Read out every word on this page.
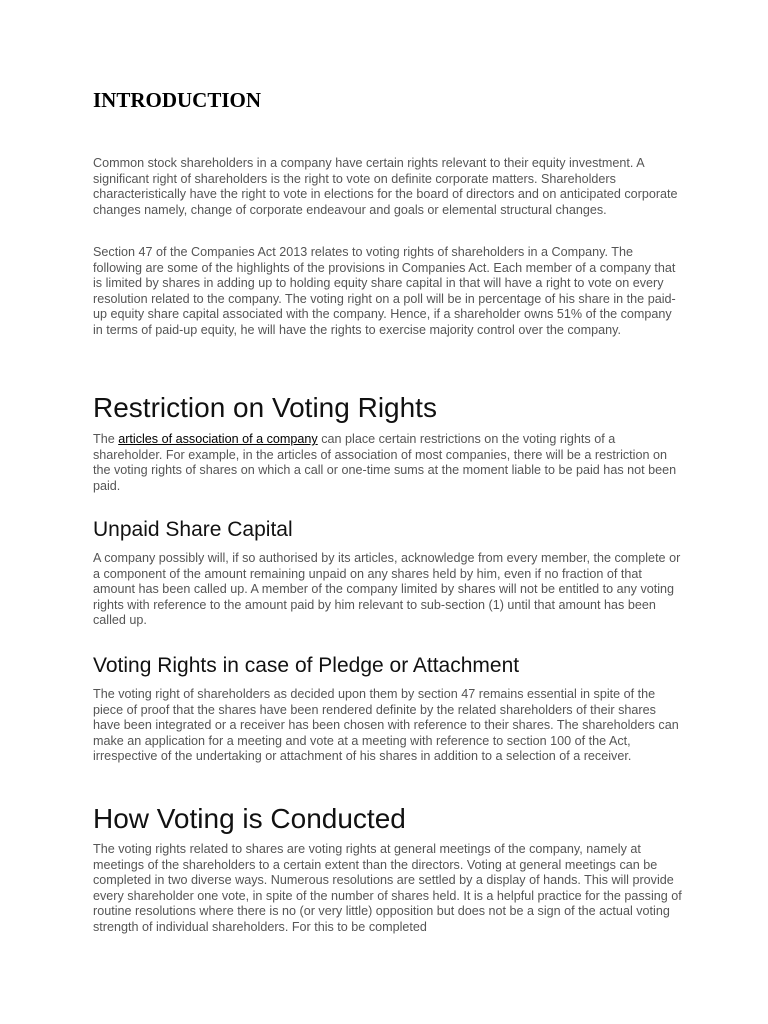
INTRODUCTION

Common stock shareholders in a company have certain rights relevant to their equity investment. A significant right of shareholders is the right to vote on definite corporate matters. Shareholders characteristically have the right to vote in elections for the board of directors and on anticipated corporate changes namely, change of corporate endeavour and goals or elemental structural changes.

Section 47 of the Companies Act 2013 relates to voting rights of shareholders in a Company. The following are some of the highlights of the provisions in Companies Act. Each member of a company that is limited by shares in adding up to holding equity share capital in that will have a right to vote on every resolution related to the company. The voting right on a poll will be in percentage of his share in the paid-up equity share capital associated with the company. Hence, if a shareholder owns 51% of the company in terms of paid-up equity, he will have the rights to exercise majority control over the company.

Restriction on Voting Rights

The articles of association of a company can place certain restrictions on the voting rights of a shareholder. For example, in the articles of association of most companies, there will be a restriction on the voting rights of shares on which a call or one-time sums at the moment liable to be paid has not been paid.

Unpaid Share Capital

A company possibly will, if so authorised by its articles, acknowledge from every member, the complete or a component of the amount remaining unpaid on any shares held by him, even if no fraction of that amount has been called up. A member of the company limited by shares will not be entitled to any voting rights with reference to the amount paid by him relevant to sub-section (1) until that amount has been called up.

Voting Rights in case of Pledge or Attachment

The voting right of shareholders as decided upon them by section 47 remains essential in spite of the piece of proof that the shares have been rendered definite by the related shareholders of their shares have been integrated or a receiver has been chosen with reference to their shares. The shareholders can make an application for a meeting and vote at a meeting with reference to section 100 of the Act, irrespective of the undertaking or attachment of his shares in addition to a selection of a receiver.

How Voting is Conducted

The voting rights related to shares are voting rights at general meetings of the company, namely at meetings of the shareholders to a certain extent than the directors. Voting at general meetings can be completed in two diverse ways. Numerous resolutions are settled by a display of hands. This will provide every shareholder one vote, in spite of the number of shares held. It is a helpful practice for the passing of routine resolutions where there is no (or very little) opposition but does not be a sign of the actual voting strength of individual shareholders. For this to be completed
